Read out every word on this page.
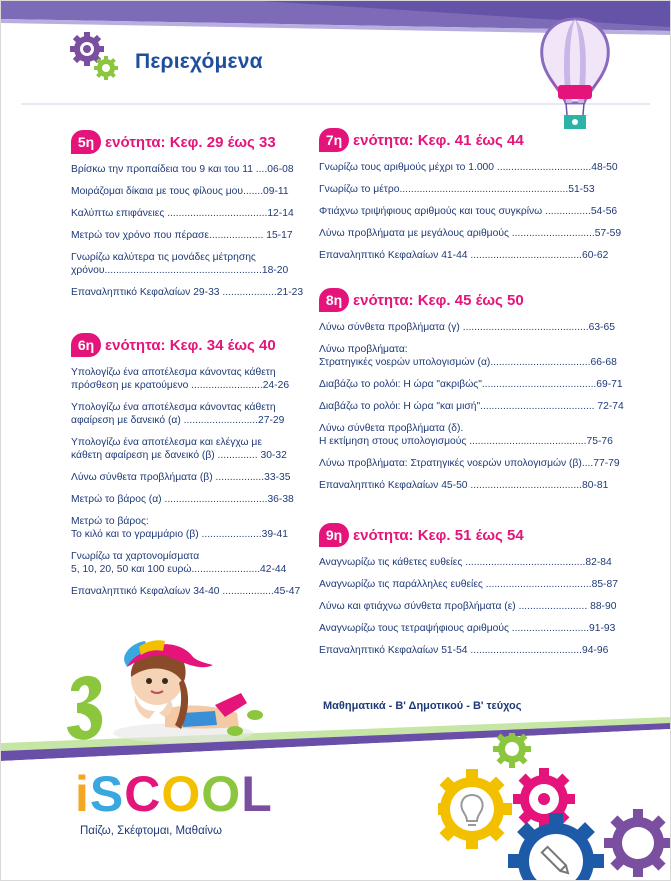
Περιεχόμενα
5η ενότητα: Κεφ. 29 έως 33
Βρίσκω την προπαίδεια του 9 και του 11 ....06-08
Μοιράζομαι δίκαια με τους φίλους μου.......09-11
Καλύπτω επιφάνειες ...................................12-14
Μετρώ τον χρόνο που πέρασε................... 15-17
Γνωρίζω καλύτερα τις μονάδες μέτρησης
χρόνου.......................................................18-20
Επαναληπτικό Κεφαλαίων 29-33 ...................21-23
6η ενότητα: Κεφ. 34 έως 40
Υπολογίζω ένα αποτέλεσμα κάνοντας κάθετη
πρόσθεση με κρατούμενο .........................24-26
Υπολογίζω ένα αποτέλεσμα κάνοντας κάθετη
αφαίρεση με δανεικό (α) ..........................27-29
Υπολογίζω ένα αποτέλεσμα και ελέγχω με
κάθετη αφαίρεση με δανεικό (β) .............. 30-32
Λύνω σύνθετα προβλήματα (β) .................33-35
Μετρώ το βάρος (α) ....................................36-38
Μετρώ το βάρος:
Το κιλό και το γραμμάριο (β) .....................39-41
Γνωρίζω τα χαρτονομίσματα
5, 10, 20, 50 και 100 ευρώ........................42-44
Επαναληπτικό Κεφαλαίων 34-40 ..................45-47
7η ενότητα: Κεφ. 41 έως 44
Γνωρίζω τους αριθμούς μέχρι το 1.000 .................................48-50
Γνωρίζω το μέτρο...........................................................51-53
Φτιάχνω τριψήφιους αριθμούς και τους συγκρίνω ................54-56
Λύνω προβλήματα με μεγάλους αριθμούς .............................57-59
Επαναληπτικό Κεφαλαίων 41-44 .......................................60-62
8η ενότητα: Κεφ. 45 έως 50
Λύνω σύνθετα προβλήματα (γ) ............................................63-65
Λύνω προβλήματα:
Στρατηγικές νοερών υπολογισμών (α)...................................66-68
Διαβάζω το ρολόι: Η ώρα "ακριβώς"........................................69-71
Διαβάζω το ρολόι: Η ώρα "και μισή"........................................ 72-74
Λύνω σύνθετα προβλήματα (δ).
Η εκτίμηση στους υπολογισμούς .........................................75-76
Λύνω προβλήματα: Στρατηγικές νοερών υπολογισμών (β)....77-79
Επαναληπτικό Κεφαλαίων 45-50 .......................................80-81
9η ενότητα: Κεφ. 51 έως 54
Αναγνωρίζω τις κάθετες ευθείες ..........................................82-84
Αναγνωρίζω τις παράλληλες ευθείες .....................................85-87
Λύνω και φτιάχνω σύνθετα προβλήματα (ε) ........................ 88-90
Αναγνωρίζω τους τετραψήφιους αριθμούς ...........................91-93
Επαναληπτικό Κεφαλαίων 51-54 .......................................94-96
Μαθηματικά - Β' Δημοτικού - Β' τεύχος
iSCOOL
Παίζω, Σκέφτομαι, Μαθαίνω
